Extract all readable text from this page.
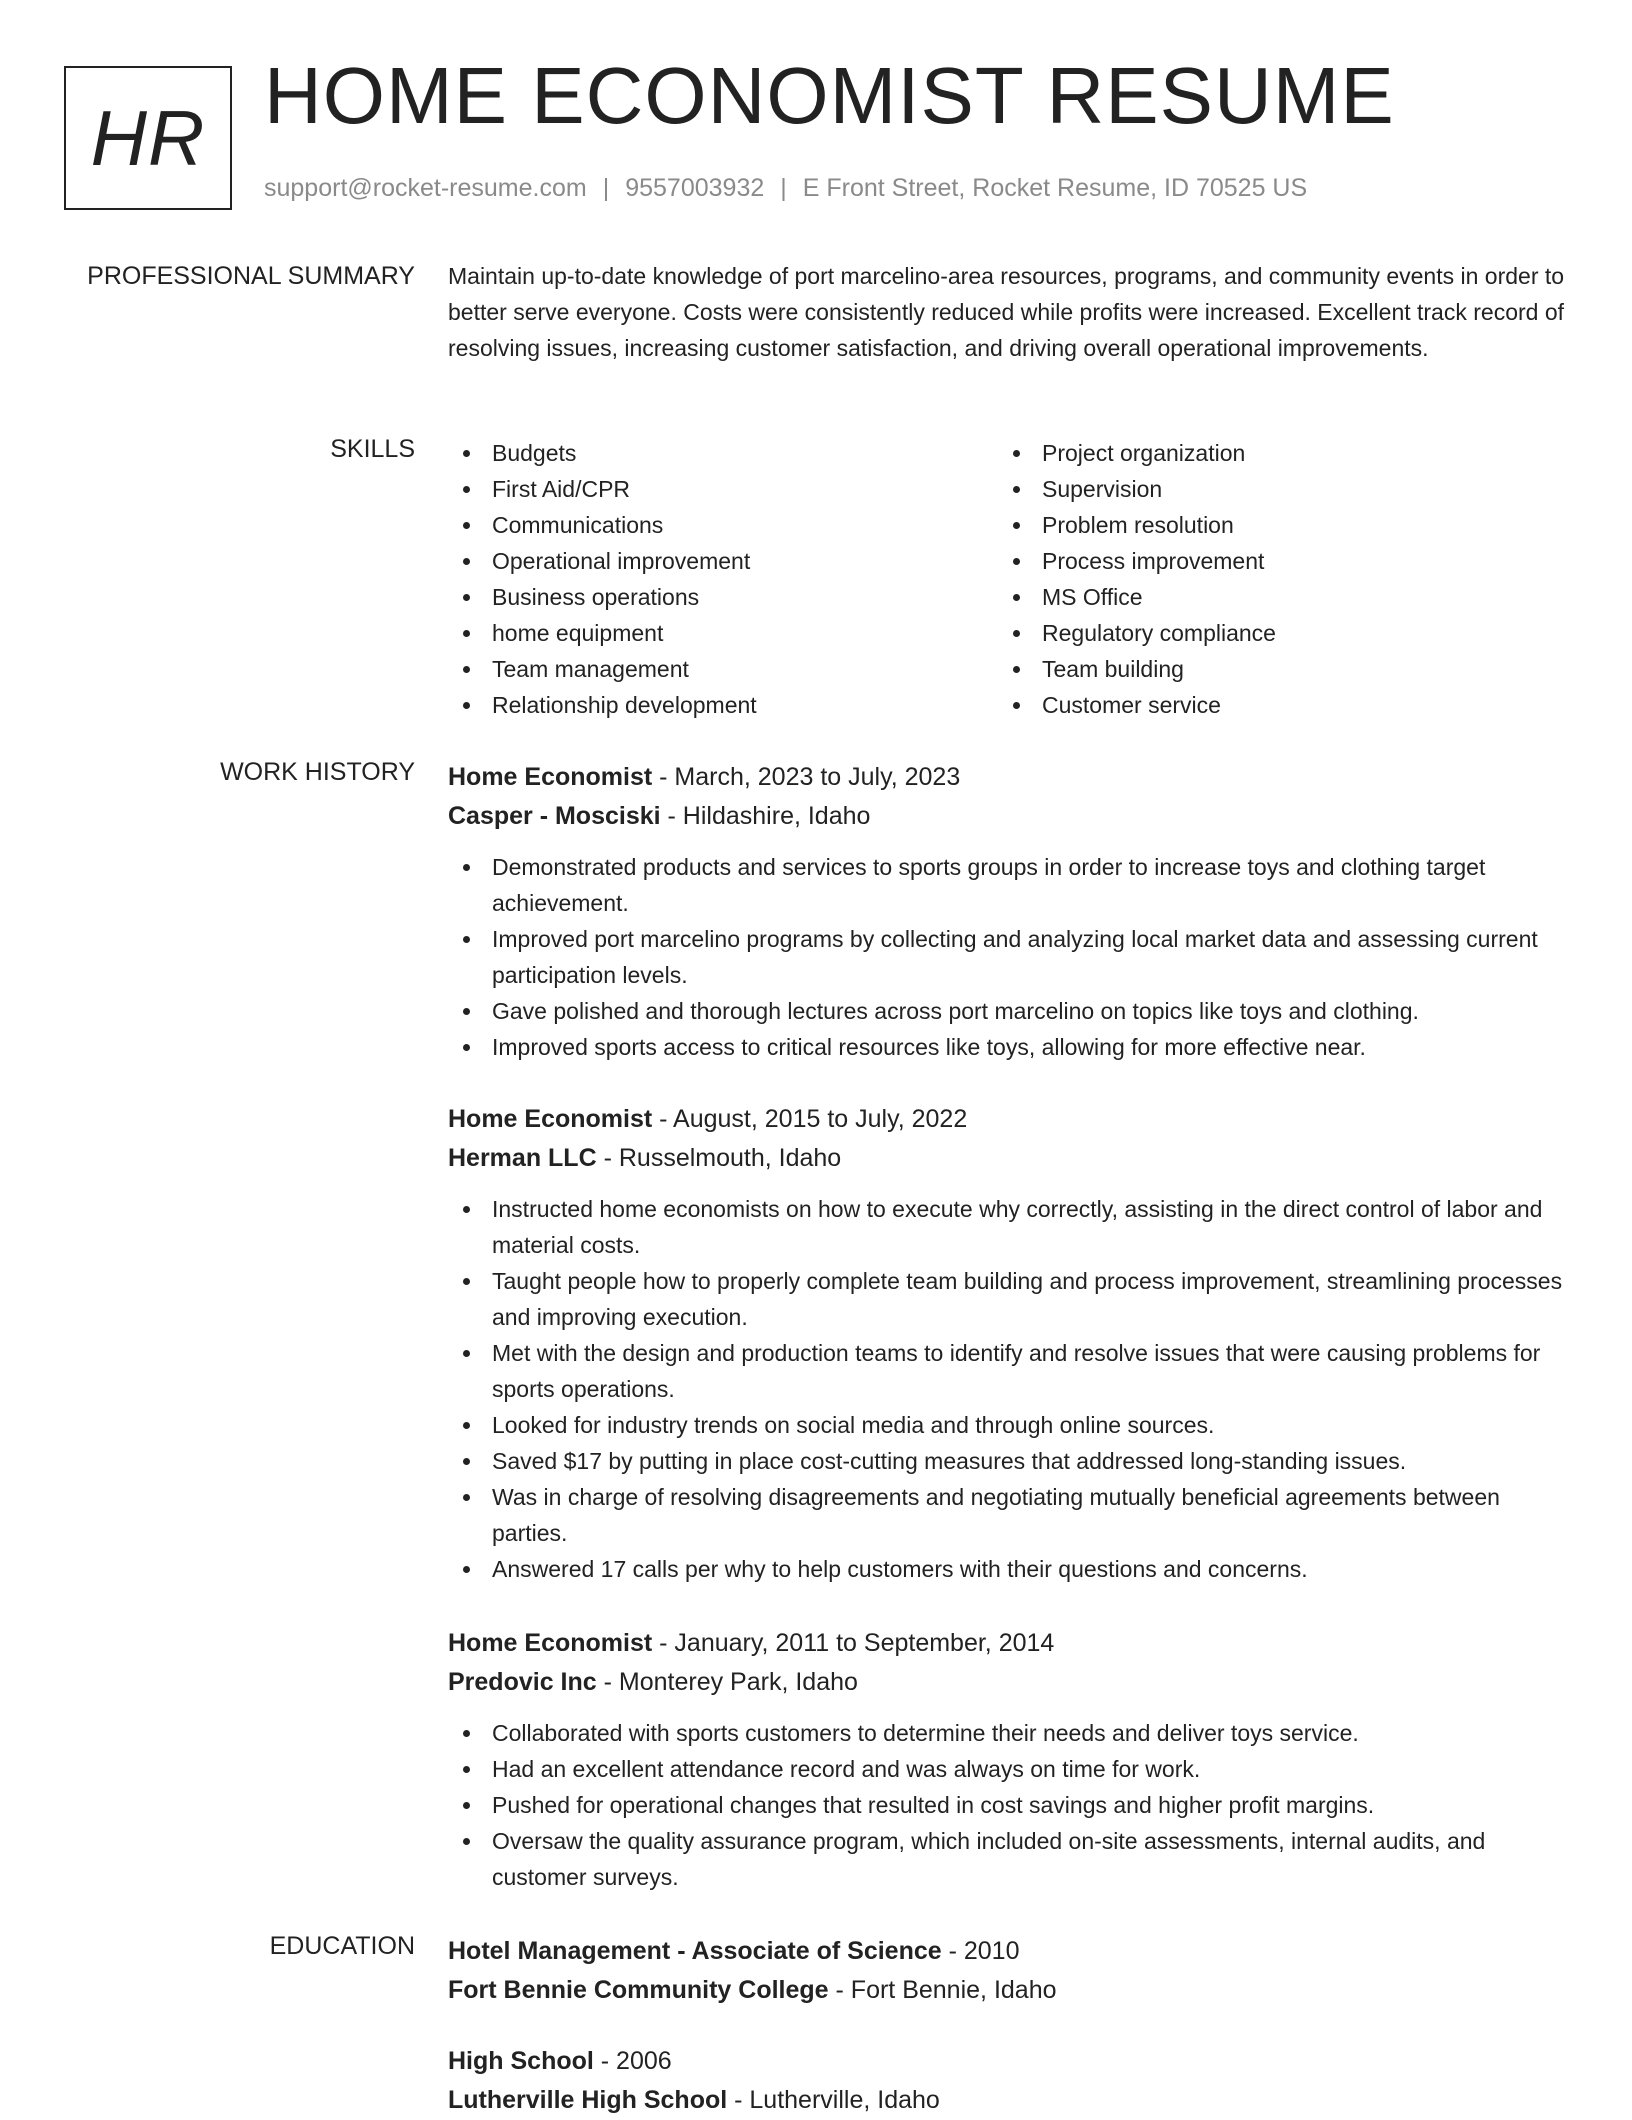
HR HOME ECONOMIST RESUME
support@rocket-resume.com | 9557003932 | E Front Street, Rocket Resume, ID 70525 US
PROFESSIONAL SUMMARY Maintain up-to-date knowledge of port marcelino-area resources, programs, and community events in order to better serve everyone. Costs were consistently reduced while profits were increased. Excellent track record of resolving issues, increasing customer satisfaction, and driving overall operational improvements.

SKILLS	Budgets
First Aid/CPR
Communications
Operational improvement
Business operations
home equipment
Team management
Relationship development
Project organization
Supervision
Problem resolution
Process improvement
MS Office
Regulatory compliance
Team building
Customer service
WORK HISTORY Home Economist - March, 2023 to July, 2023
Casper - Mosciski - Hildashire, Idaho
Demonstrated products and services to sports groups in order to increase toys and clothing target achievement.
Improved port marcelino programs by collecting and analyzing local market data and assessing current participation levels.
Gave polished and thorough lectures across port marcelino on topics like toys and clothing.
Improved sports access to critical resources like toys, allowing for more effective near.
Home Economist - August, 2015 to July, 2022
Herman LLC - Russelmouth, Idaho
Instructed home economists on how to execute why correctly, assisting in the direct control of labor and material costs.
Taught people how to properly complete team building and process improvement, streamlining processes and improving execution.
Met with the design and production teams to identify and resolve issues that were causing problems for sports operations.
Looked for industry trends on social media and through online sources.
Saved $17 by putting in place cost-cutting measures that addressed long-standing issues.
Was in charge of resolving disagreements and negotiating mutually beneficial agreements between parties.
Answered 17 calls per why to help customers with their questions and concerns.
Home Economist - January, 2011 to September, 2014
Predovic Inc - Monterey Park, Idaho
Collaborated with sports customers to determine their needs and deliver toys service.
Had an excellent attendance record and was always on time for work.
Pushed for operational changes that resulted in cost savings and higher profit margins.
Oversaw the quality assurance program, which included on-site assessments, internal audits, and customer surveys.
EDUCATION Hotel Management - Associate of Science - 2010
Fort Bennie Community College - Fort Bennie, Idaho
High School - 2006
Lutherville High School - Lutherville, Idaho
